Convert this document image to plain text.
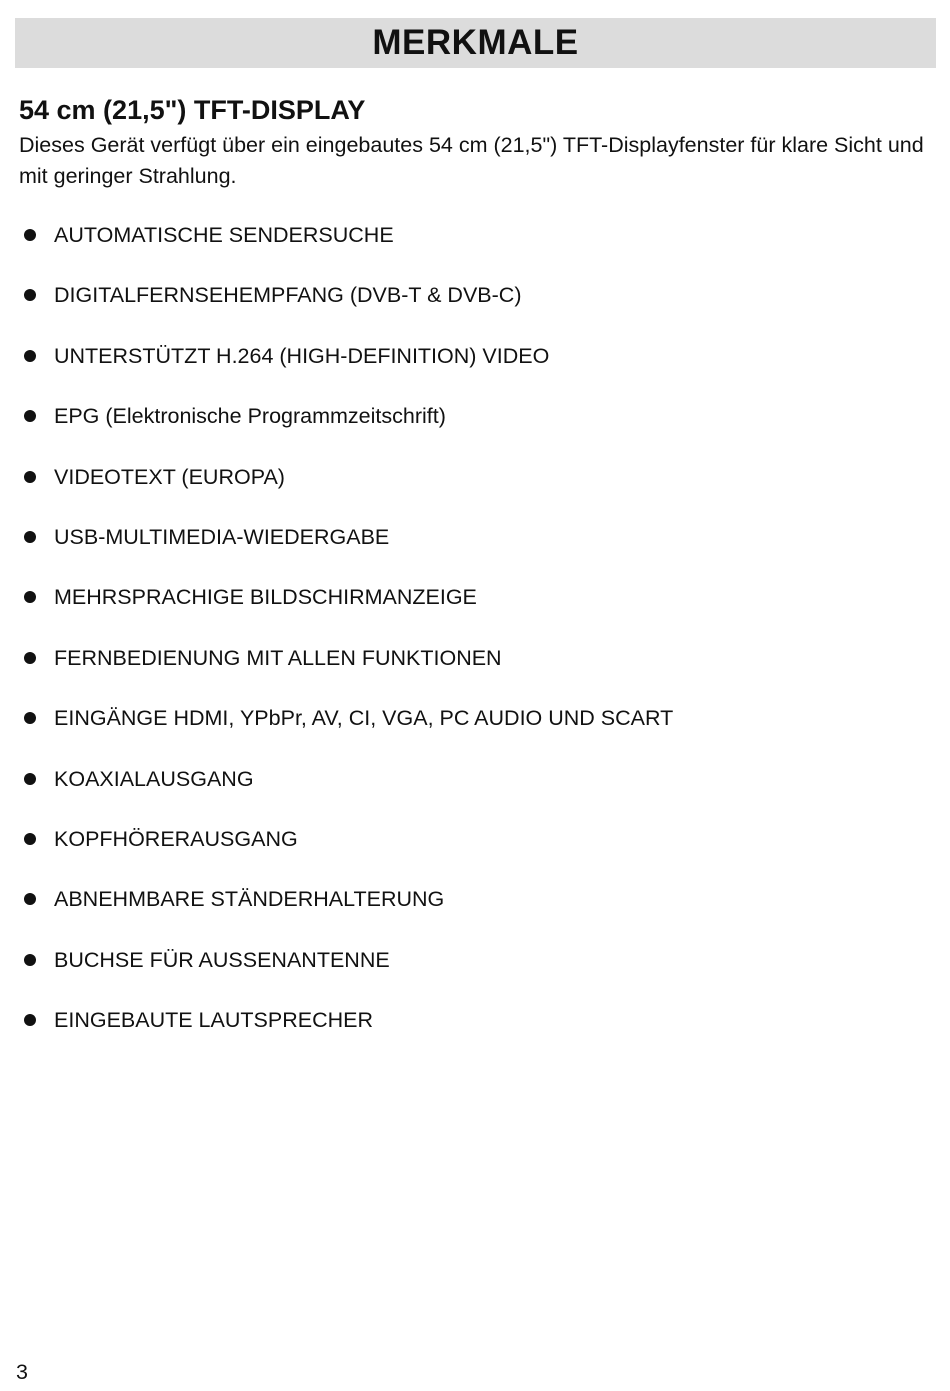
MERKMALE
54 cm (21,5") TFT-DISPLAY
Dieses Gerät verfügt über ein eingebautes 54 cm (21,5") TFT-Displayfenster für klare Sicht und mit geringer Strahlung.
AUTOMATISCHE SENDERSUCHE
DIGITALFERNSEHEMPFANG (DVB-T & DVB-C)
UNTERSTÜTZT H.264 (HIGH-DEFINITION) VIDEO
EPG (Elektronische Programmzeitschrift)
VIDEOTEXT (EUROPA)
USB-MULTIMEDIA-WIEDERGABE
MEHRSPRACHIGE BILDSCHIRMANZEIGE
FERNBEDIENUNG MIT ALLEN FUNKTIONEN
EINGÄNGE HDMI, YPbPr, AV, CI, VGA, PC AUDIO UND SCART
KOAXIALAUSGANG
KOPFHÖRERAUSGANG
ABNEHMBARE STÄNDERHALTERUNG
BUCHSE FÜR AUSSENANTENNE
EINGEBAUTE LAUTSPRECHER
3
